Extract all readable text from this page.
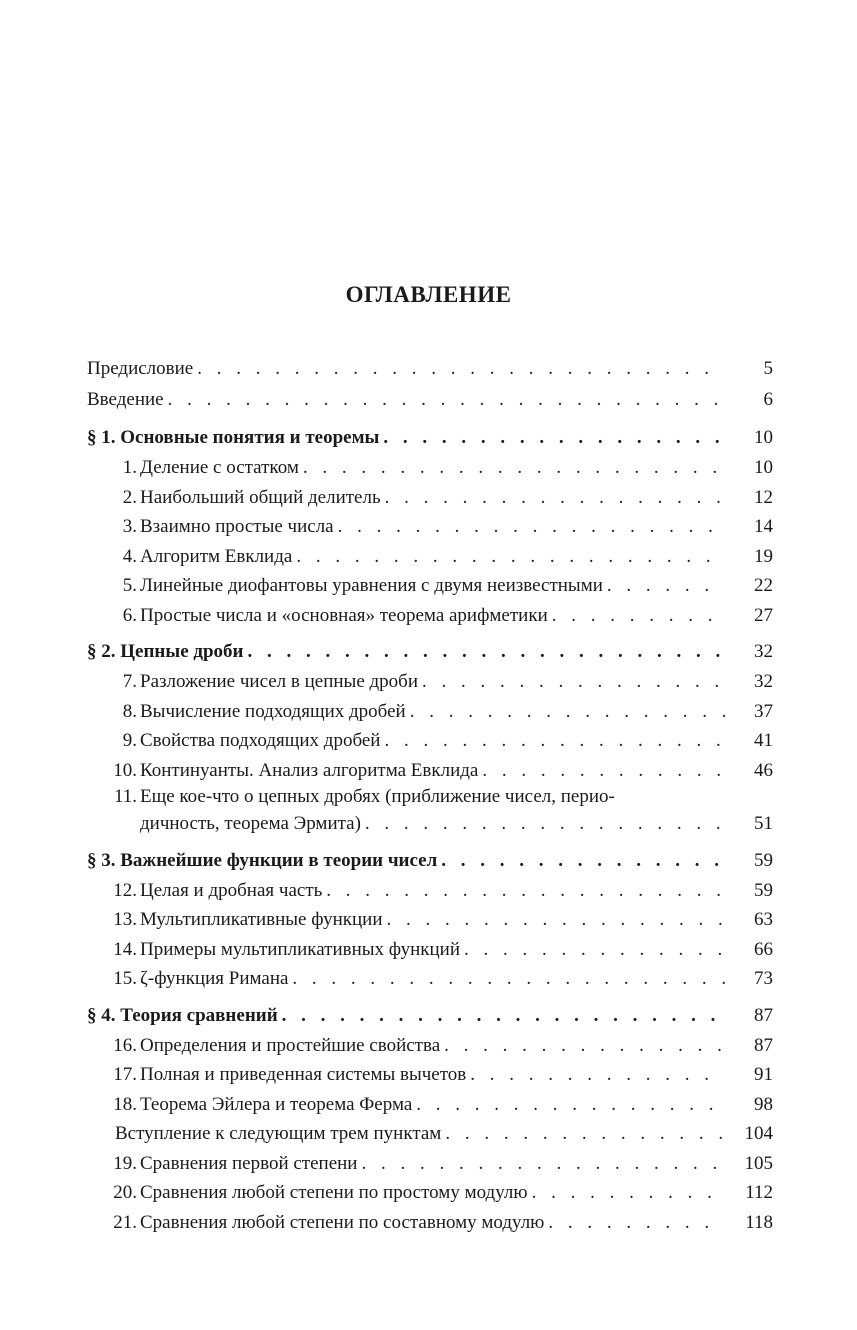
ОГЛАВЛЕНИЕ
Предисловие . . .	5
Введение . . .	6
§ 1. Основные понятия и теоремы . . .	10
1. Деление с остатком . . .	10
2. Наибольший общий делитель . . .	12
3. Взаимно простые числа . . .	14
4. Алгоритм Евклида . . .	19
5. Линейные диофантовы уравнения с двумя неизвестными . . .	22
6. Простые числа и «основная» теорема арифметики . . .	27
§ 2. Цепные дроби . . .	32
7. Разложение чисел в цепные дроби . . .	32
8. Вычисление подходящих дробей . . .	37
9. Свойства подходящих дробей . . .	41
10. Континуанты. Анализ алгоритма Евклида . . .	46
11. Еще кое-что о цепных дробях (приближение чисел, перио-
дичность, теорема Эрмита) . . .	51
§ 3. Важнейшие функции в теории чисел . . .	59
12. Целая и дробная часть . . .	59
13. Мультипликативные функции . . .	63
14. Примеры мультипликативных функций . . .	66
15. ζ-функция Римана . . .	73
§ 4. Теория сравнений . . .	87
16. Определения и простейшие свойства . . .	87
17. Полная и приведенная системы вычетов . . .	91
18. Теорема Эйлера и теорема Ферма . . .	98
Вступление к следующим трем пунктам . . .	104
19. Сравнения первой степени . . .	105
20. Сравнения любой степени по простому модулю . . .	112
21. Сравнения любой степени по составному модулю . . .	118
